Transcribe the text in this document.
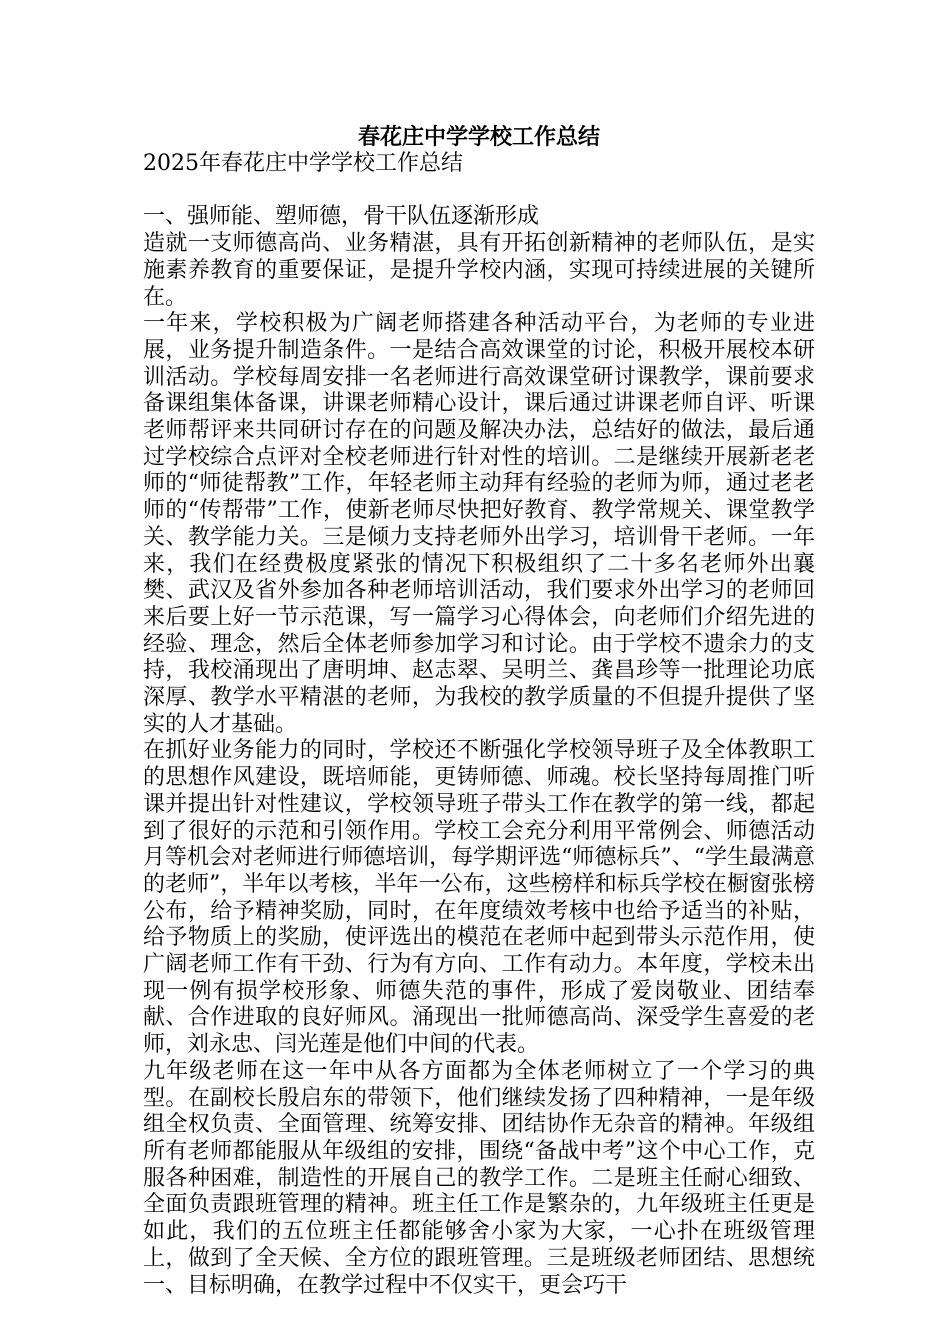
春花庄中学学校工作总结

2025年春花庄中学学校工作总结

一、强师能、塑师德，骨干队伍逐渐形成

造就一支师德高尚、业务精湛，具有开拓创新精神的老师队伍，是实施素养教育的重要保证，是提升学校内涵，实现可持续进展的关键所在。

一年来，学校积极为广阔老师搭建各种活动平台，为老师的专业进展，业务提升制造条件。一是结合高效课堂的讨论，积极开展校本研训活动。学校每周安排一名老师进行高效课堂研讨课教学，课前要求备课组集体备课，讲课老师精心设计，课后通过讲课老师自评、听课老师帮评来共同研讨存在的问题及解决办法，总结好的做法，最后通过学校综合点评对全校老师进行针对性的培训。二是继续开展新老老师的“师徒帮教”工作，年轻老师主动拜有经验的老师为师，通过老老师的“传帮带”工作，使新老师尽快把好教育、教学常规关、课堂教学关、教学能力关。三是倾力支持老师外出学习，培训骨干老师。一年来，我们在经费极度紧张的情况下积极组织了二十多名老师外出襄樊、武汉及省外参加各种老师培训活动，我们要求外出学习的老师回来后要上好一节示范课，写一篇学习心得体会，向老师们介绍先进的经验、理念，然后全体老师参加学习和讨论。由于学校不遗余力的支持，我校涌现出了唐明坤、赵志翠、吴明兰、龚昌珍等一批理论功底深厚、教学水平精湛的老师，为我校的教学质量的不但提升提供了坚实的人才基础。

在抓好业务能力的同时，学校还不断强化学校领导班子及全体教职工的思想作风建设，既培师能，更铸师德、师魂。校长坚持每周推门听课并提出针对性建议，学校领导班子带头工作在教学的第一线，都起到了很好的示范和引领作用。学校工会充分利用平常例会、师德活动月等机会对老师进行师德培训，每学期评选“师德标兵”、“学生最满意的老师”，半年以考核，半年一公布，这些榜样和标兵学校在橱窗张榜公布，给予精神奖励，同时，在年度绩效考核中也给予适当的补贴，给予物质上的奖励，使评选出的模范在老师中起到带头示范作用，使广阔老师工作有干劲、行为有方向、工作有动力。本年度，学校未出现一例有损学校形象、师德失范的事件，形成了爱岗敬业、团结奉献、合作进取的良好师风。涌现出一批师德高尚、深受学生喜爱的老师，刘永忠、闫光莲是他们中间的代表。

九年级老师在这一年中从各方面都为全体老师树立了一个学习的典型。在副校长殷启东的带领下，他们继续发扬了四种精神，一是年级组全权负责、全面管理、统筹安排、团结协作无杂音的精神。年级组所有老师都能服从年级组的安排，围绕“备战中考”这个中心工作，克服各种困难，制造性的开展自己的教学工作。二是班主任耐心细致、全面负责跟班管理的精神。班主任工作是繁杂的，九年级班主任更是如此，我们的五位班主任都能够舍小家为大家，一心扑在班级管理上，做到了全天候、全方位的跟班管理。三是班级老师团结、思想统一、目标明确，在教学过程中不仅实干，更会巧干
